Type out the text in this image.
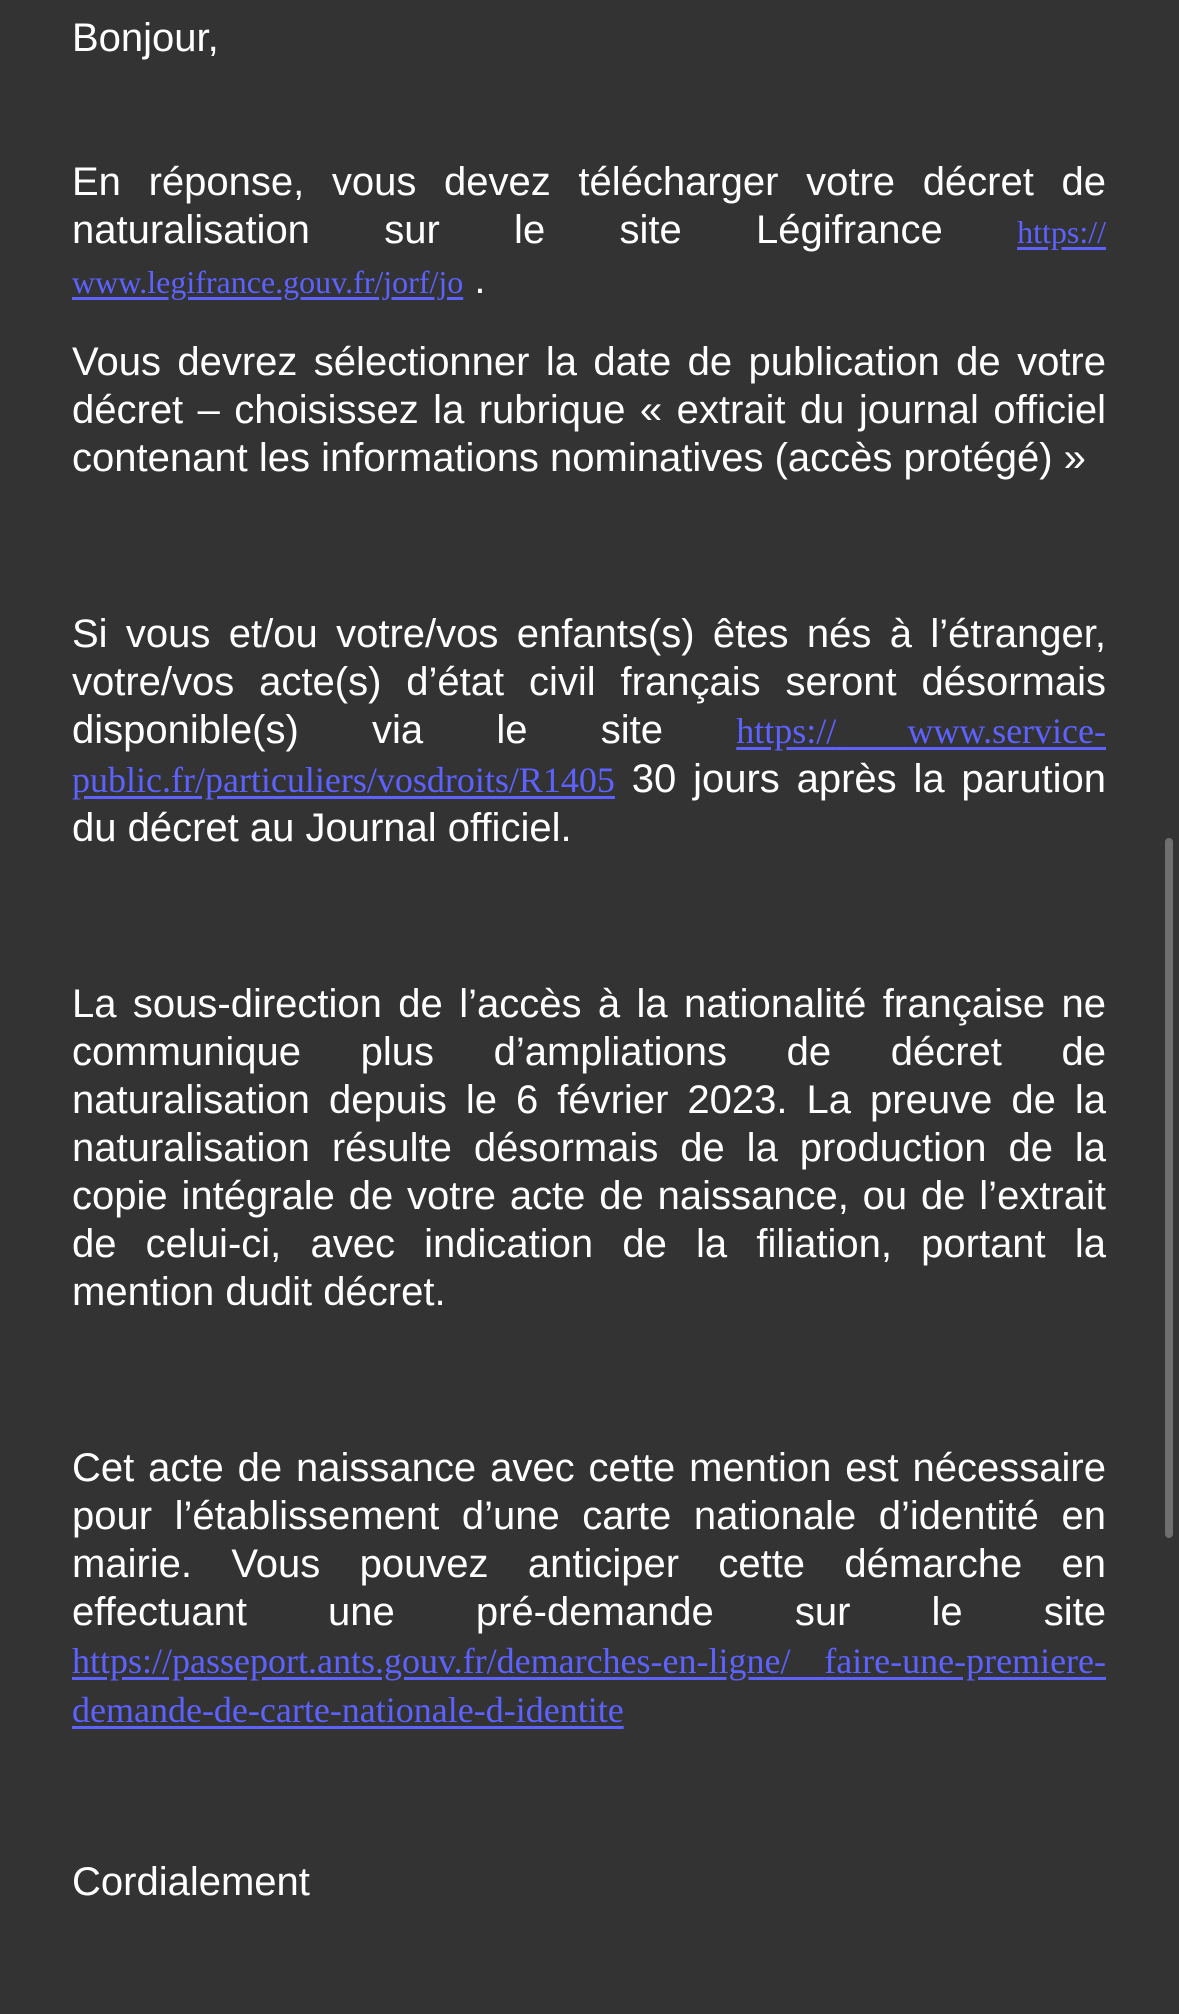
Bonjour,

En réponse, vous devez télécharger votre décret de naturalisation sur le site Légifrance https:// www.legifrance.gouv.fr/jorf/jo .

Vous devrez sélectionner la date de publication de votre décret – choisissez la rubrique « extrait du journal officiel contenant les informations nominatives (accès protégé) »

Si vous et/ou votre/vos enfants(s) êtes nés à l’étranger, votre/vos acte(s) d’état civil français seront désormais disponible(s) via le site https:// www.service-public.fr/particuliers/vosdroits/R1405 30 jours après la parution du décret au Journal officiel.

La sous-direction de l’accès à la nationalité française ne communique plus d’ampliations de décret de naturalisation depuis le 6 février 2023. La preuve de la naturalisation résulte désormais de la production de la copie intégrale de votre acte de naissance, ou de l’extrait de celui-ci, avec indication de la filiation, portant la mention dudit décret.

Cet acte de naissance avec cette mention est nécessaire pour l’établissement d’une carte nationale d’identité en mairie. Vous pouvez anticiper cette démarche en effectuant une pré-demande sur le site https://passeport.ants.gouv.fr/demarches-en-ligne/ faire-une-premiere-demande-de-carte-nationale-d-identite

Cordialement
